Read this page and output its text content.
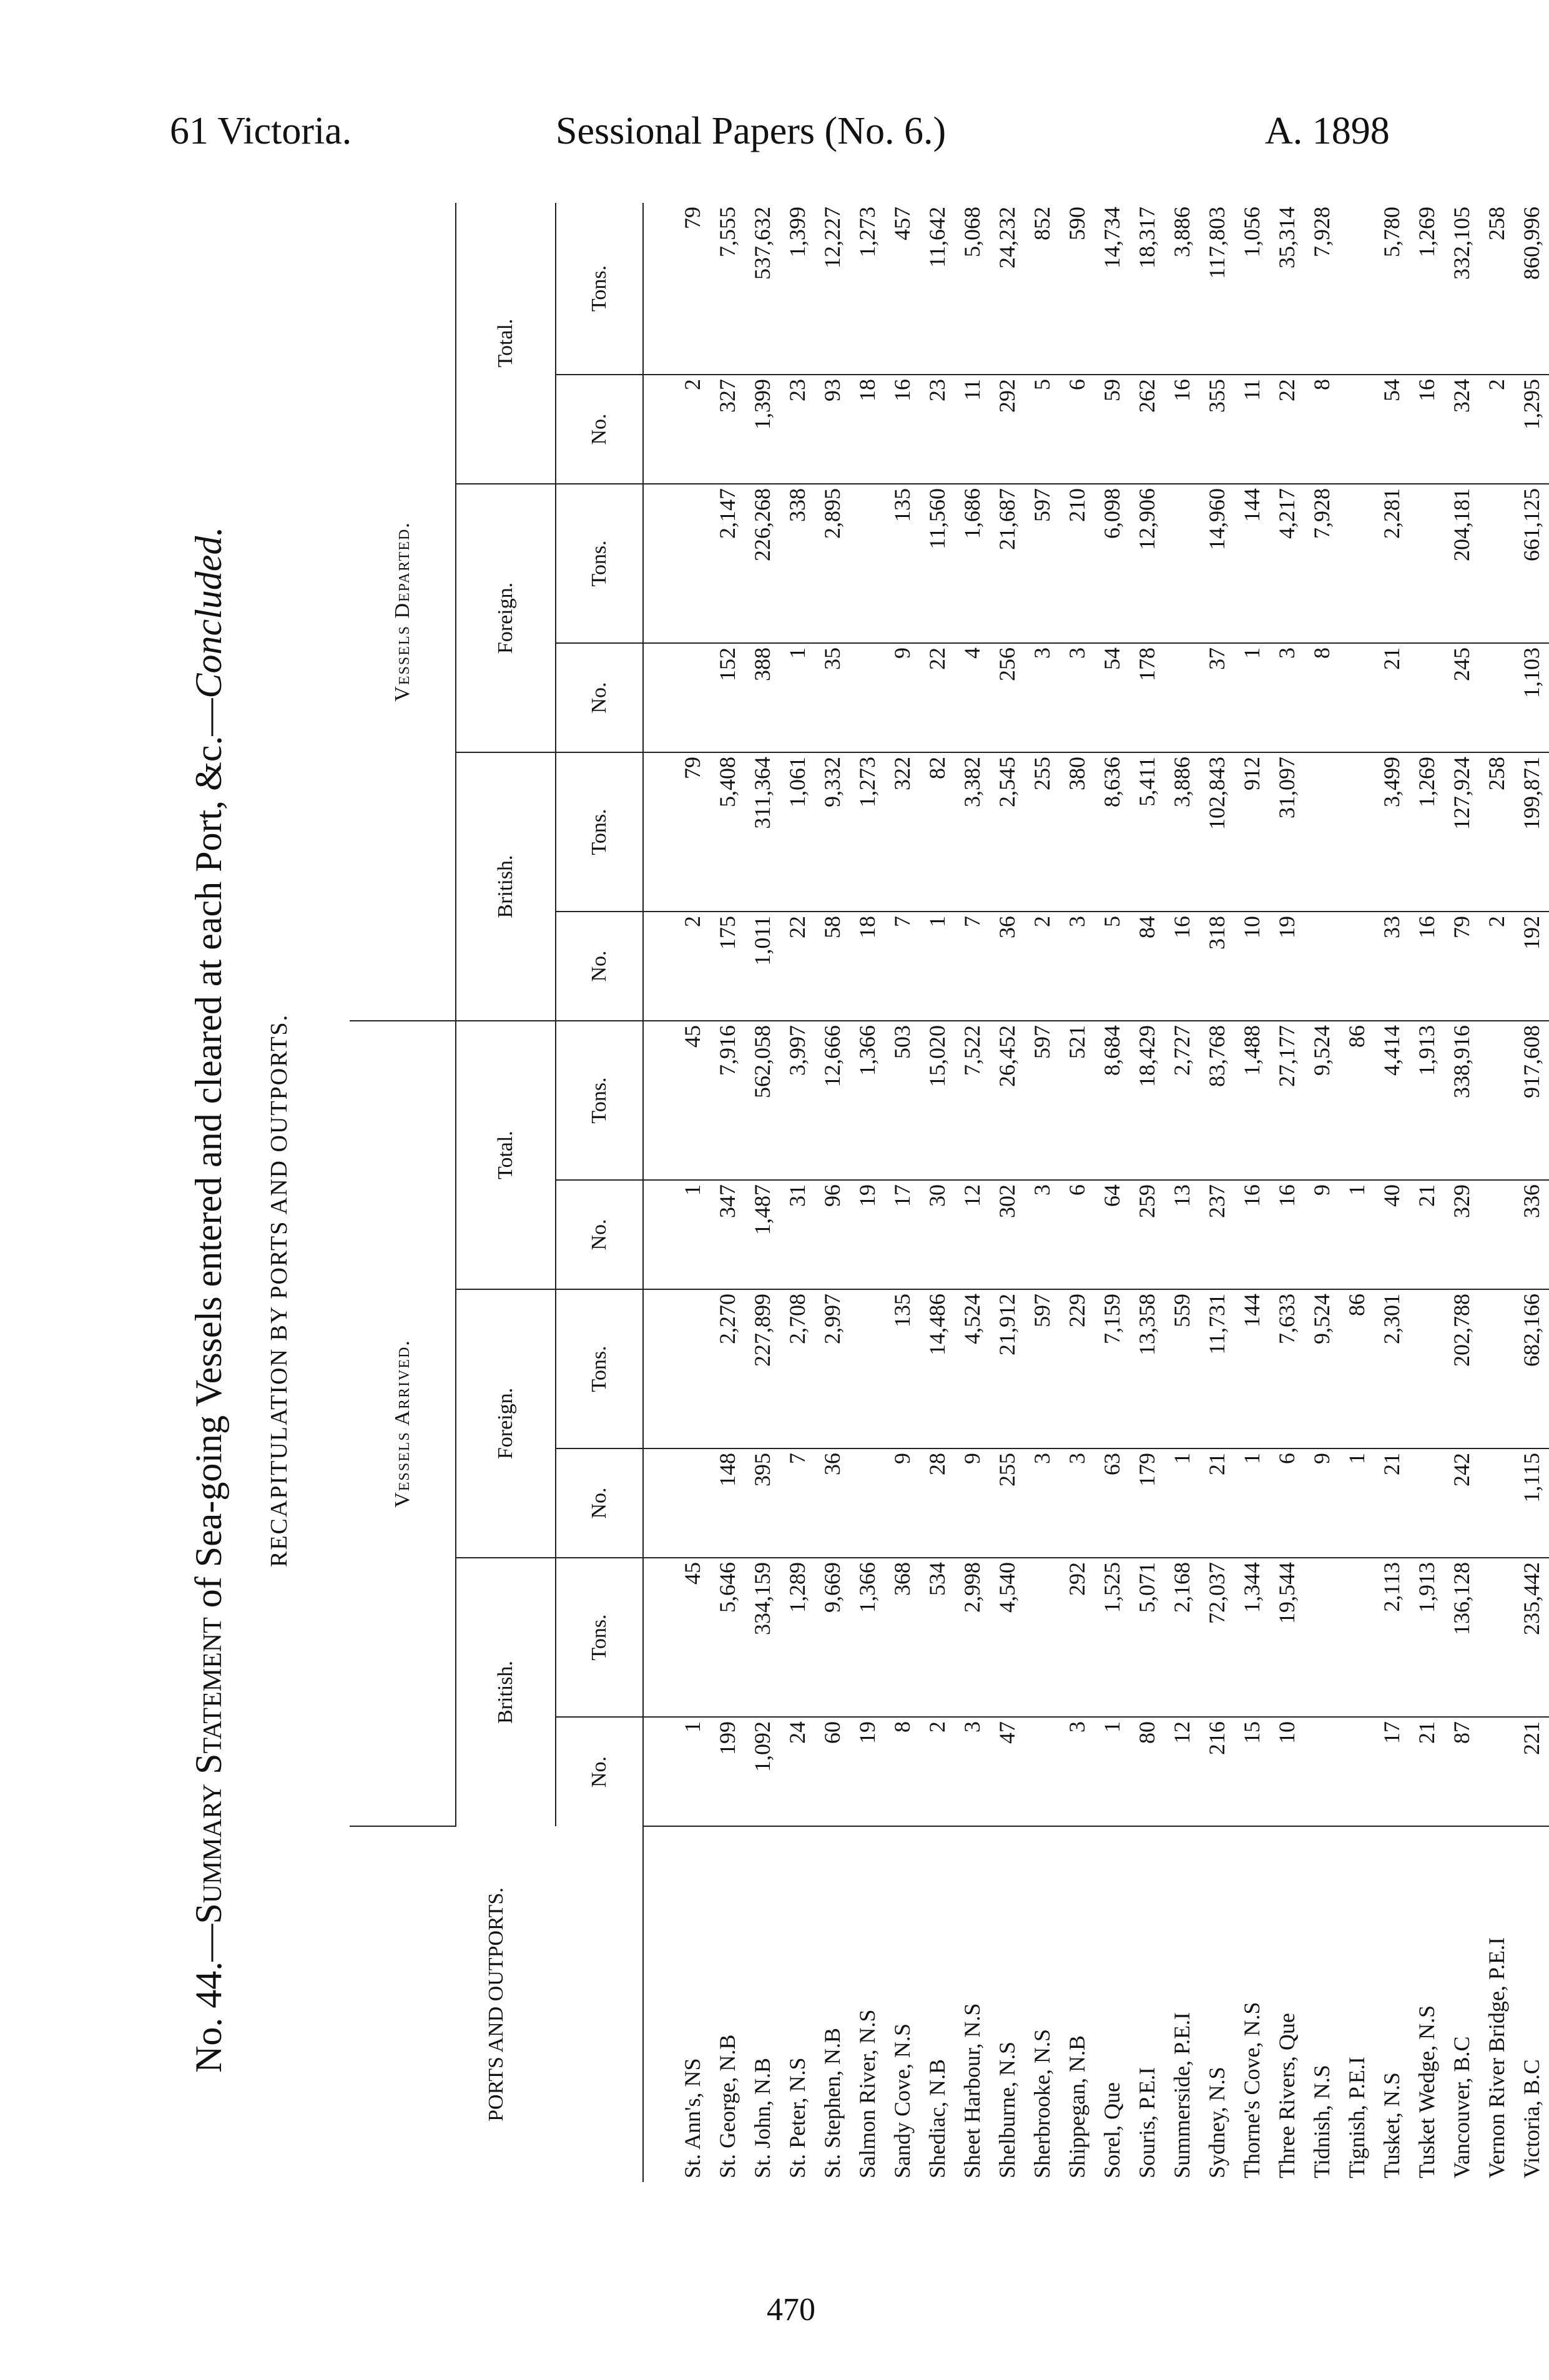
61 Victoria.	Sessional Papers (No. 6.)	A. 1898
No. 44.—Summary Statement of Sea-going Vessels entered and cleared at each Port, &c.—Concluded.
RECAPITULATION BY PORTS AND OUTPORTS.
470
PORTS AND OUTPORTS.	Vessels Arrived.						Vessels Departed.					
	British.		Foreign.		Total.		British.		Foreign.		Total.	
	No.	Tons.	No.	Tons.	No.	Tons.	No.	Tons.	No.	Tons.	No.	Tons.

St. Ann's, NS	1	45			1	45	2	79			2	79
St. George, N.B	199	5,646	148	2,270	347	7,916	175	5,408	152	2,147	327	7,555
St. John, N.B	1,092	334,159	395	227,899	1,487	562,058	1,011	311,364	388	226,268	1,399	537,632
St. Peter, N.S	24	1,289	7	2,708	31	3,997	22	1,061	1	338	23	1,399
St. Stephen, N.B	60	9,669	36	2,997	96	12,666	58	9,332	35	2,895	93	12,227
Salmon River, N.S	19	1,366			19	1,366	18	1,273			18	1,273
Sandy Cove, N.S	8	368	9	135	17	503	7	322	9	135	16	457
Shediac, N.B	2	534	28	14,486	30	15,020	1	82	22	11,560	23	11,642
Sheet Harbour, N.S	3	2,998	9	4,524	12	7,522	7	3,382	4	1,686	11	5,068
Shelburne, N.S	47	4,540	255	21,912	302	26,452	36	2,545	256	21,687	292	24,232
Sherbrooke, N.S			3	597	3	597	2	255	3	597	5	852
Shippegan, N.B	3	292	3	229	6	521	3	380	3	210	6	590
Sorel, Que	1	1,525	63	7,159	64	8,684	5	8,636	54	6,098	59	14,734
Souris, P.E.I	80	5,071	179	13,358	259	18,429	84	5,411	178	12,906	262	18,317
Summerside, P.E.I	12	2,168	1	559	13	2,727	16	3,886			16	3,886
Sydney, N.S	216	72,037	21	11,731	237	83,768	318	102,843	37	14,960	355	117,803
Thorne's Cove, N.S	15	1,344	1	144	16	1,488	10	912	1	144	11	1,056
Three Rivers, Que	10	19,544	6	7,633	16	27,177	19	31,097	3	4,217	22	35,314
Tidnish, N.S			9	9,524	9	9,524			8	7,928	8	7,928
Tignish, P.E.I			1	86	1	86						
Tusket, N.S	17	2,113	21	2,301	40	4,414	33	3,499	21	2,281	54	5,780
Tusket Wedge, N.S	21	1,913			21	1,913	16	1,269			16	1,269
Vancouver, B.C	87	136,128	242	202,788	329	338,916	79	127,924	245	204,181	324	332,105
Vernon River Bridge, P.E.I							2	258			2	258
Victoria, B.C	221	235,442	1,115	682,166	336	917,608	192	199,871	1,103	661,125	1,295	860,996
